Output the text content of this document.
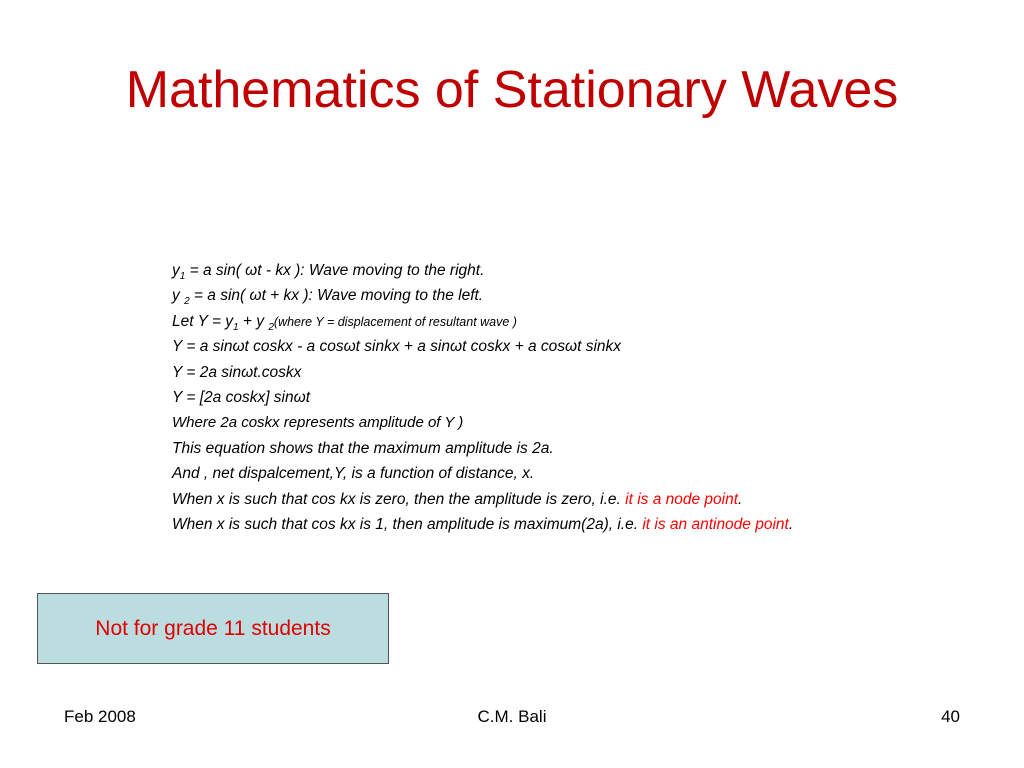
Mathematics of Stationary Waves
$y_1 = a$ sin( ωt - kx ): Wave moving to the right.
y $_2$ = a sin( ωt + kx ): Wave moving to the left.
Let $Y = y_1 + y$ $_2$(where Y = displacement of resultant wave )
Y = a sinωt coskx - a cosωt sinkx + a sinωt coskx + a cosωt sinkx
Y = 2a sinωt.coskx
Y = [2a coskx] sinωt
Where 2a coskx represents amplitude of Y )
This equation shows that the maximum amplitude is 2a.
And , net dispalcement,Y, is a function of distance, x.
When x is such that cos kx is zero, then the amplitude is zero, i.e. it is a node point.
When x is such that cos kx is 1, then amplitude is maximum(2a), i.e. it is an antinode point.
Not for grade 11 students
Feb 2008	C.M. Bali	40
